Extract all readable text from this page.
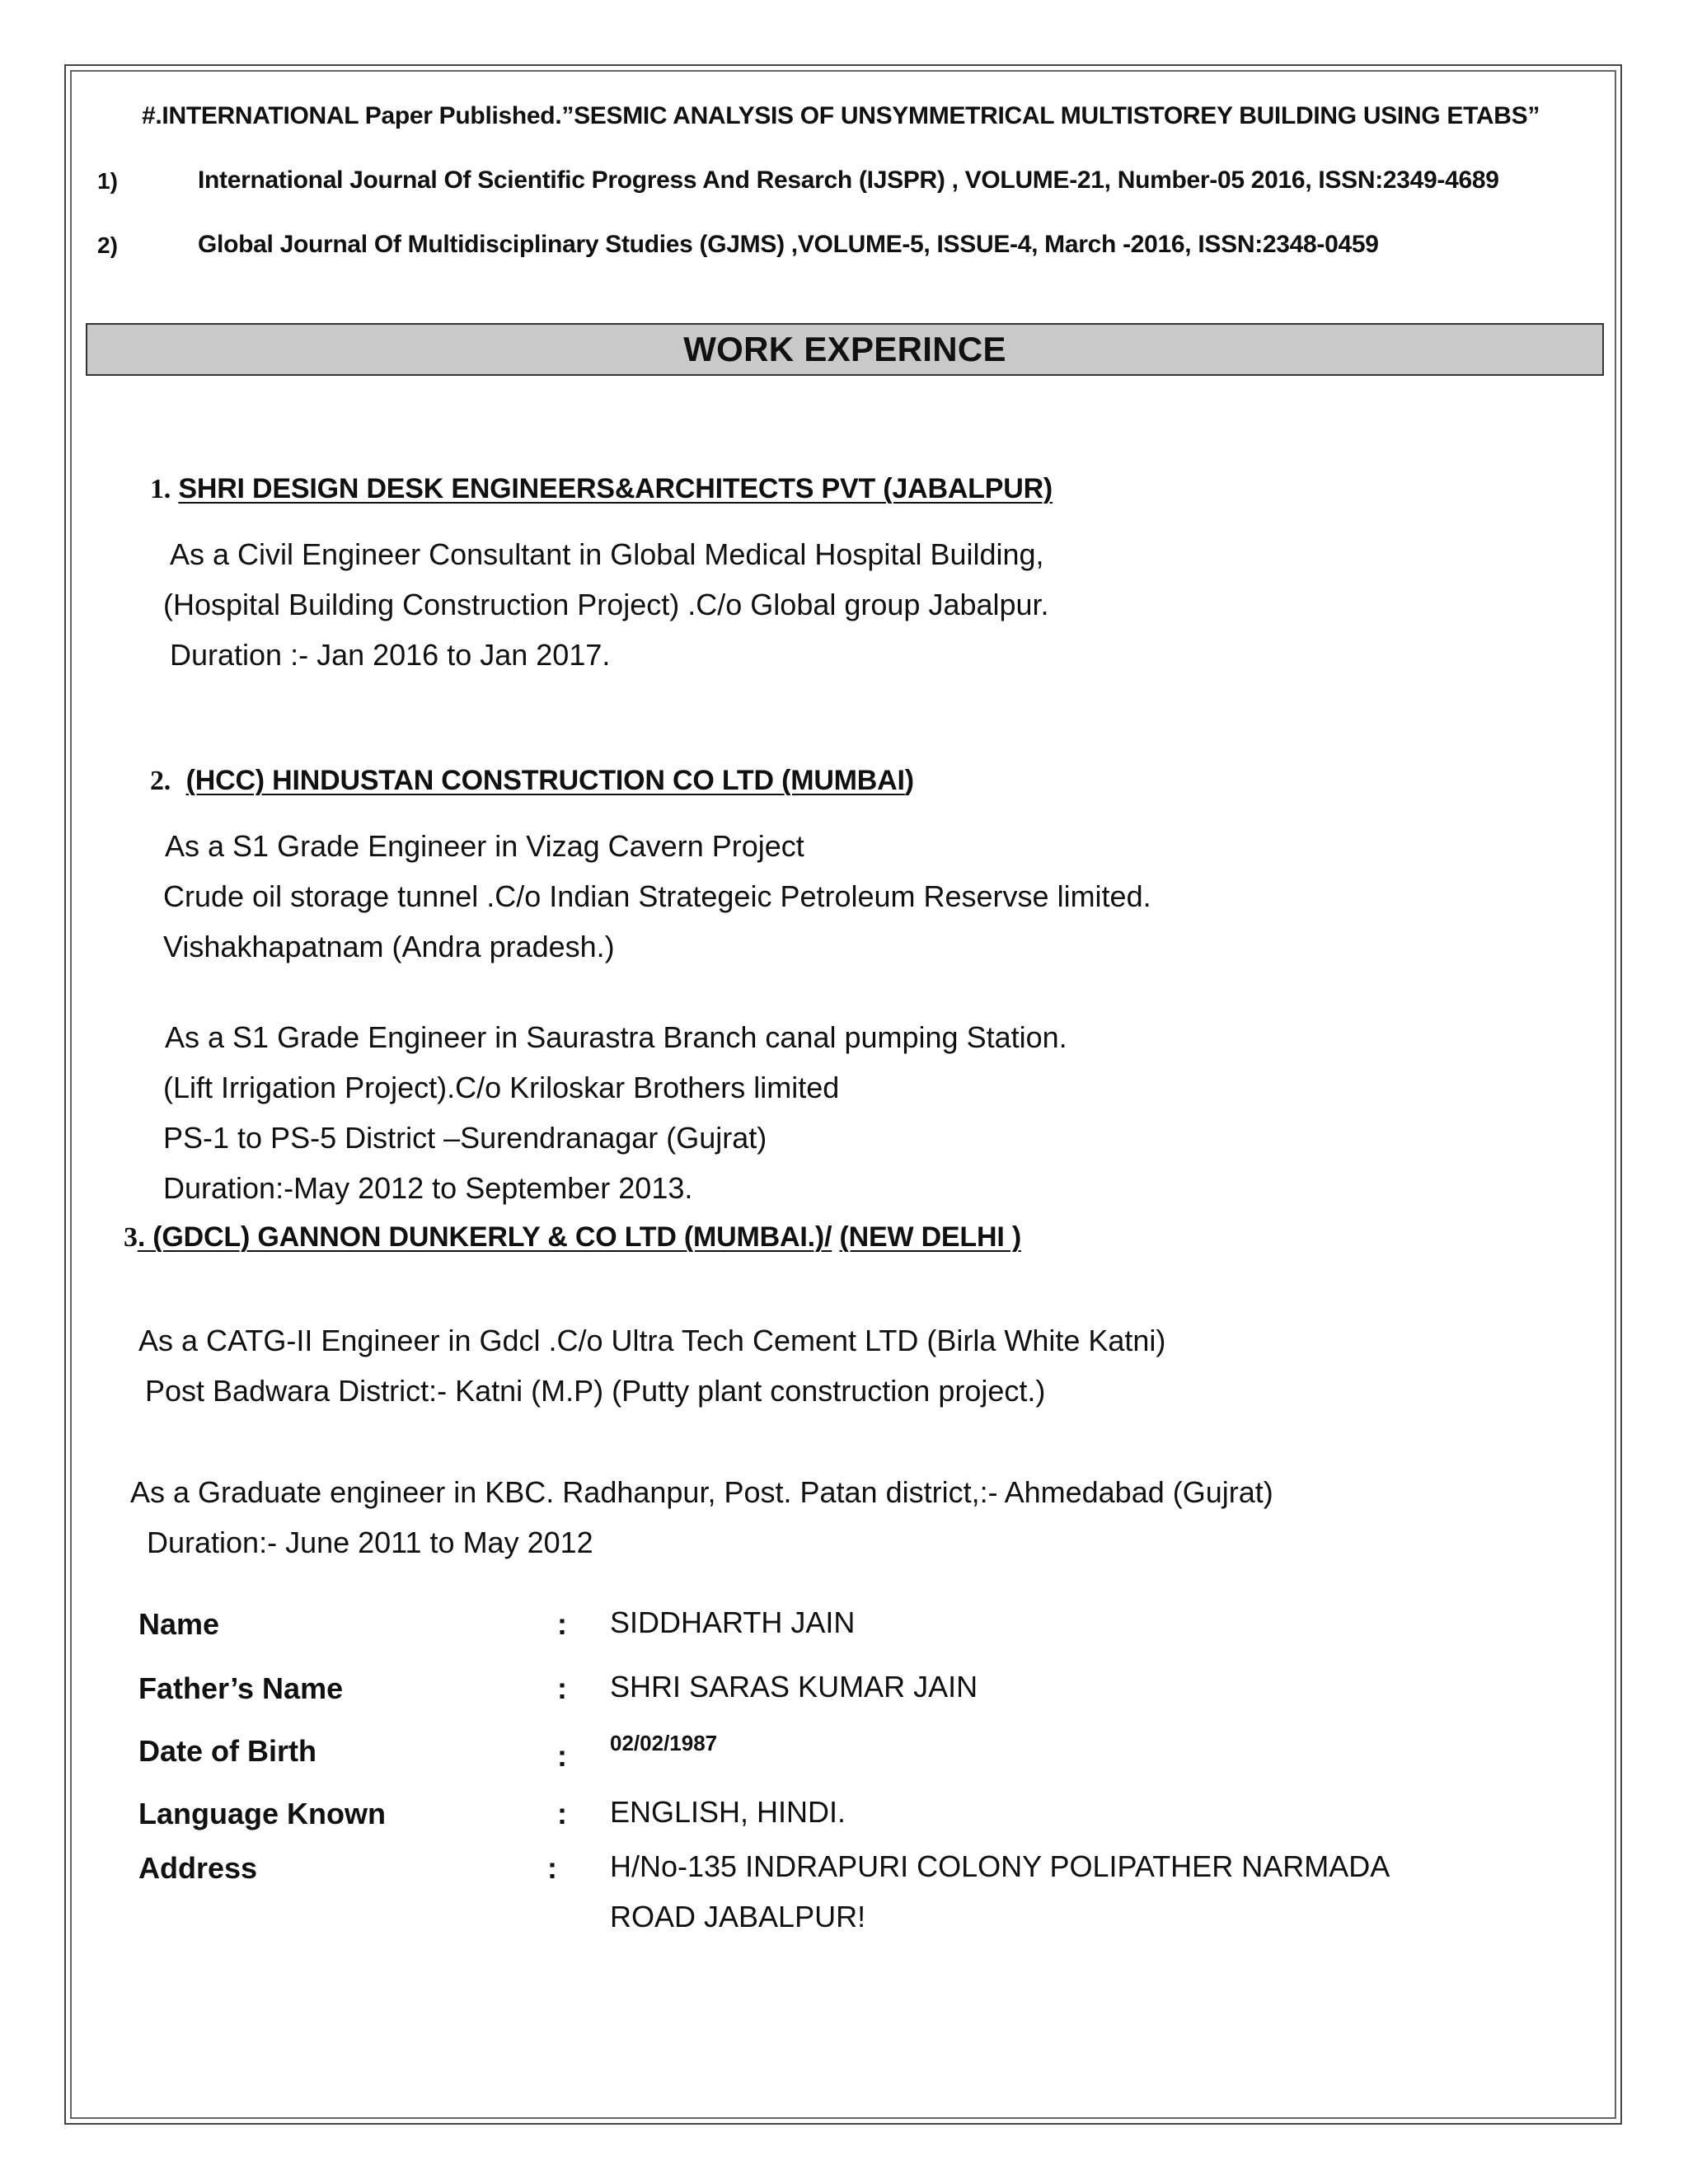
#.INTERNATIONAL Paper Published.”SESMIC ANALYSIS OF UNSYMMETRICAL MULTISTOREY BUILDING USING ETABS”
1)	International Journal Of Scientific Progress And Resarch (IJSPR) , VOLUME-21, Number-05 2016, ISSN:2349-4689
2)	Global Journal Of Multidisciplinary Studies (GJMS) ,VOLUME-5, ISSUE-4, March -2016, ISSN:2348-0459
WORK EXPERINCE
1. SHRI DESIGN DESK ENGINEERS&ARCHITECTS PVT (JABALPUR)
As a Civil Engineer Consultant in Global Medical Hospital Building,
(Hospital Building Construction Project) .C/o Global group Jabalpur.
Duration :- Jan 2016 to Jan 2017.
2. (HCC) HINDUSTAN CONSTRUCTION CO LTD (MUMBAI)
As a S1 Grade Engineer in Vizag Cavern Project
Crude oil storage tunnel .C/o Indian Strategeic Petroleum Reservse limited.
Vishakhapatnam (Andra pradesh.)
As a S1 Grade Engineer in Saurastra Branch canal pumping Station.
(Lift Irrigation Project).C/o Kriloskar Brothers limited
PS-1 to PS-5 District –Surendranagar (Gujrat)
Duration:-May 2012 to September 2013.
3. (GDCL) GANNON DUNKERLY & CO LTD (MUMBAI.)/ (NEW DELHI )
As a CATG-II Engineer in Gdcl .C/o Ultra Tech Cement LTD (Birla White Katni)
Post Badwara District:- Katni (M.P) (Putty plant construction project.)
As a Graduate engineer in KBC. Radhanpur, Post. Patan district,:- Ahmedabad (Gujrat)
Duration:- June 2011 to May 2012
Name	: SIDDHARTH JAIN
Father’s Name	: SHRI SARAS KUMAR JAIN
Date of Birth	: 02/02/1987
Language Known	: ENGLISH, HINDI.
Address	: H/No-135 INDRAPURI COLONY POLIPATHER NARMADA
ROAD JABALPUR!
